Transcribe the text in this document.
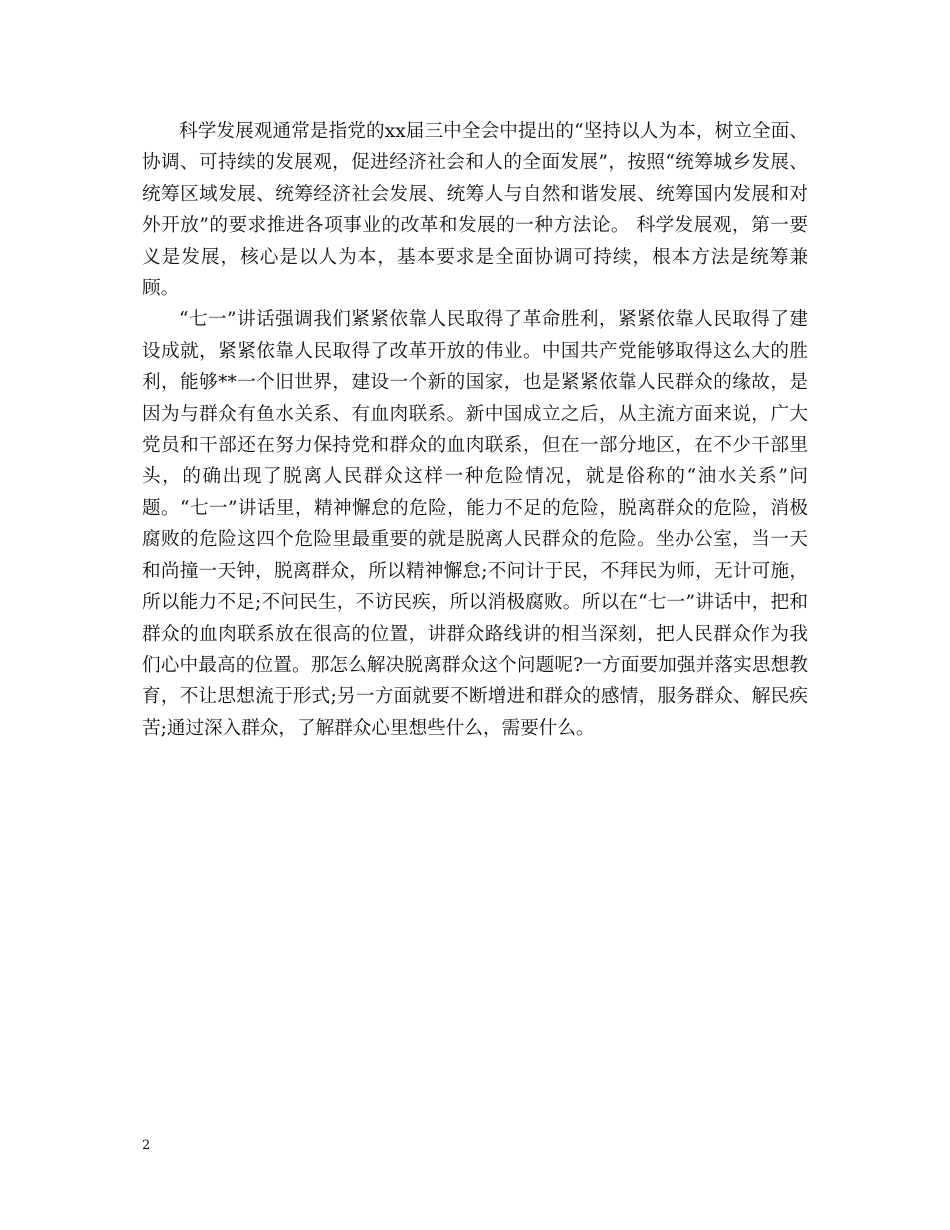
科学发展观通常是指党的xx届三中全会中提出的“坚持以人为本，树立全面、协调、可持续的发展观，促进经济社会和人的全面发展”，按照“统筹城乡发展、统筹区域发展、统筹经济社会发展、统筹人与自然和谐发展、统筹国内发展和对外开放”的要求推进各项事业的改革和发展的一种方法论。 科学发展观，第一要义是发展，核心是以人为本，基本要求是全面协调可持续，根本方法是统筹兼顾。

“七一”讲话强调我们紧紧依靠人民取得了革命胜利，紧紧依靠人民取得了建设成就，紧紧依靠人民取得了改革开放的伟业。中国共产党能够取得这么大的胜利，能够**一个旧世界，建设一个新的国家，也是紧紧依靠人民群众的缘故，是因为与群众有鱼水关系、有血肉联系。新中国成立之后，从主流方面来说，广大党员和干部还在努力保持党和群众的血肉联系，但在一部分地区，在不少干部里头，的确出现了脱离人民群众这样一种危险情况，就是俗称的“油水关系”问题。“七一”讲话里，精神懈怠的危险，能力不足的危险，脱离群众的危险，消极腐败的危险这四个危险里最重要的就是脱离人民群众的危险。坐办公室，当一天和尚撞一天钟，脱离群众，所以精神懈怠;不问计于民，不拜民为师，无计可施，所以能力不足;不问民生，不访民疾，所以消极腐败。所以在“七一”讲话中，把和群众的血肉联系放在很高的位置，讲群众路线讲的相当深刻，把人民群众作为我们心中最高的位置。那怎么解决脱离群众这个问题呢?一方面要加强并落实思想教育，不让思想流于形式;另一方面就要不断增进和群众的感情，服务群众、解民疾苦;通过深入群众，了解群众心里想些什么，需要什么。

2
